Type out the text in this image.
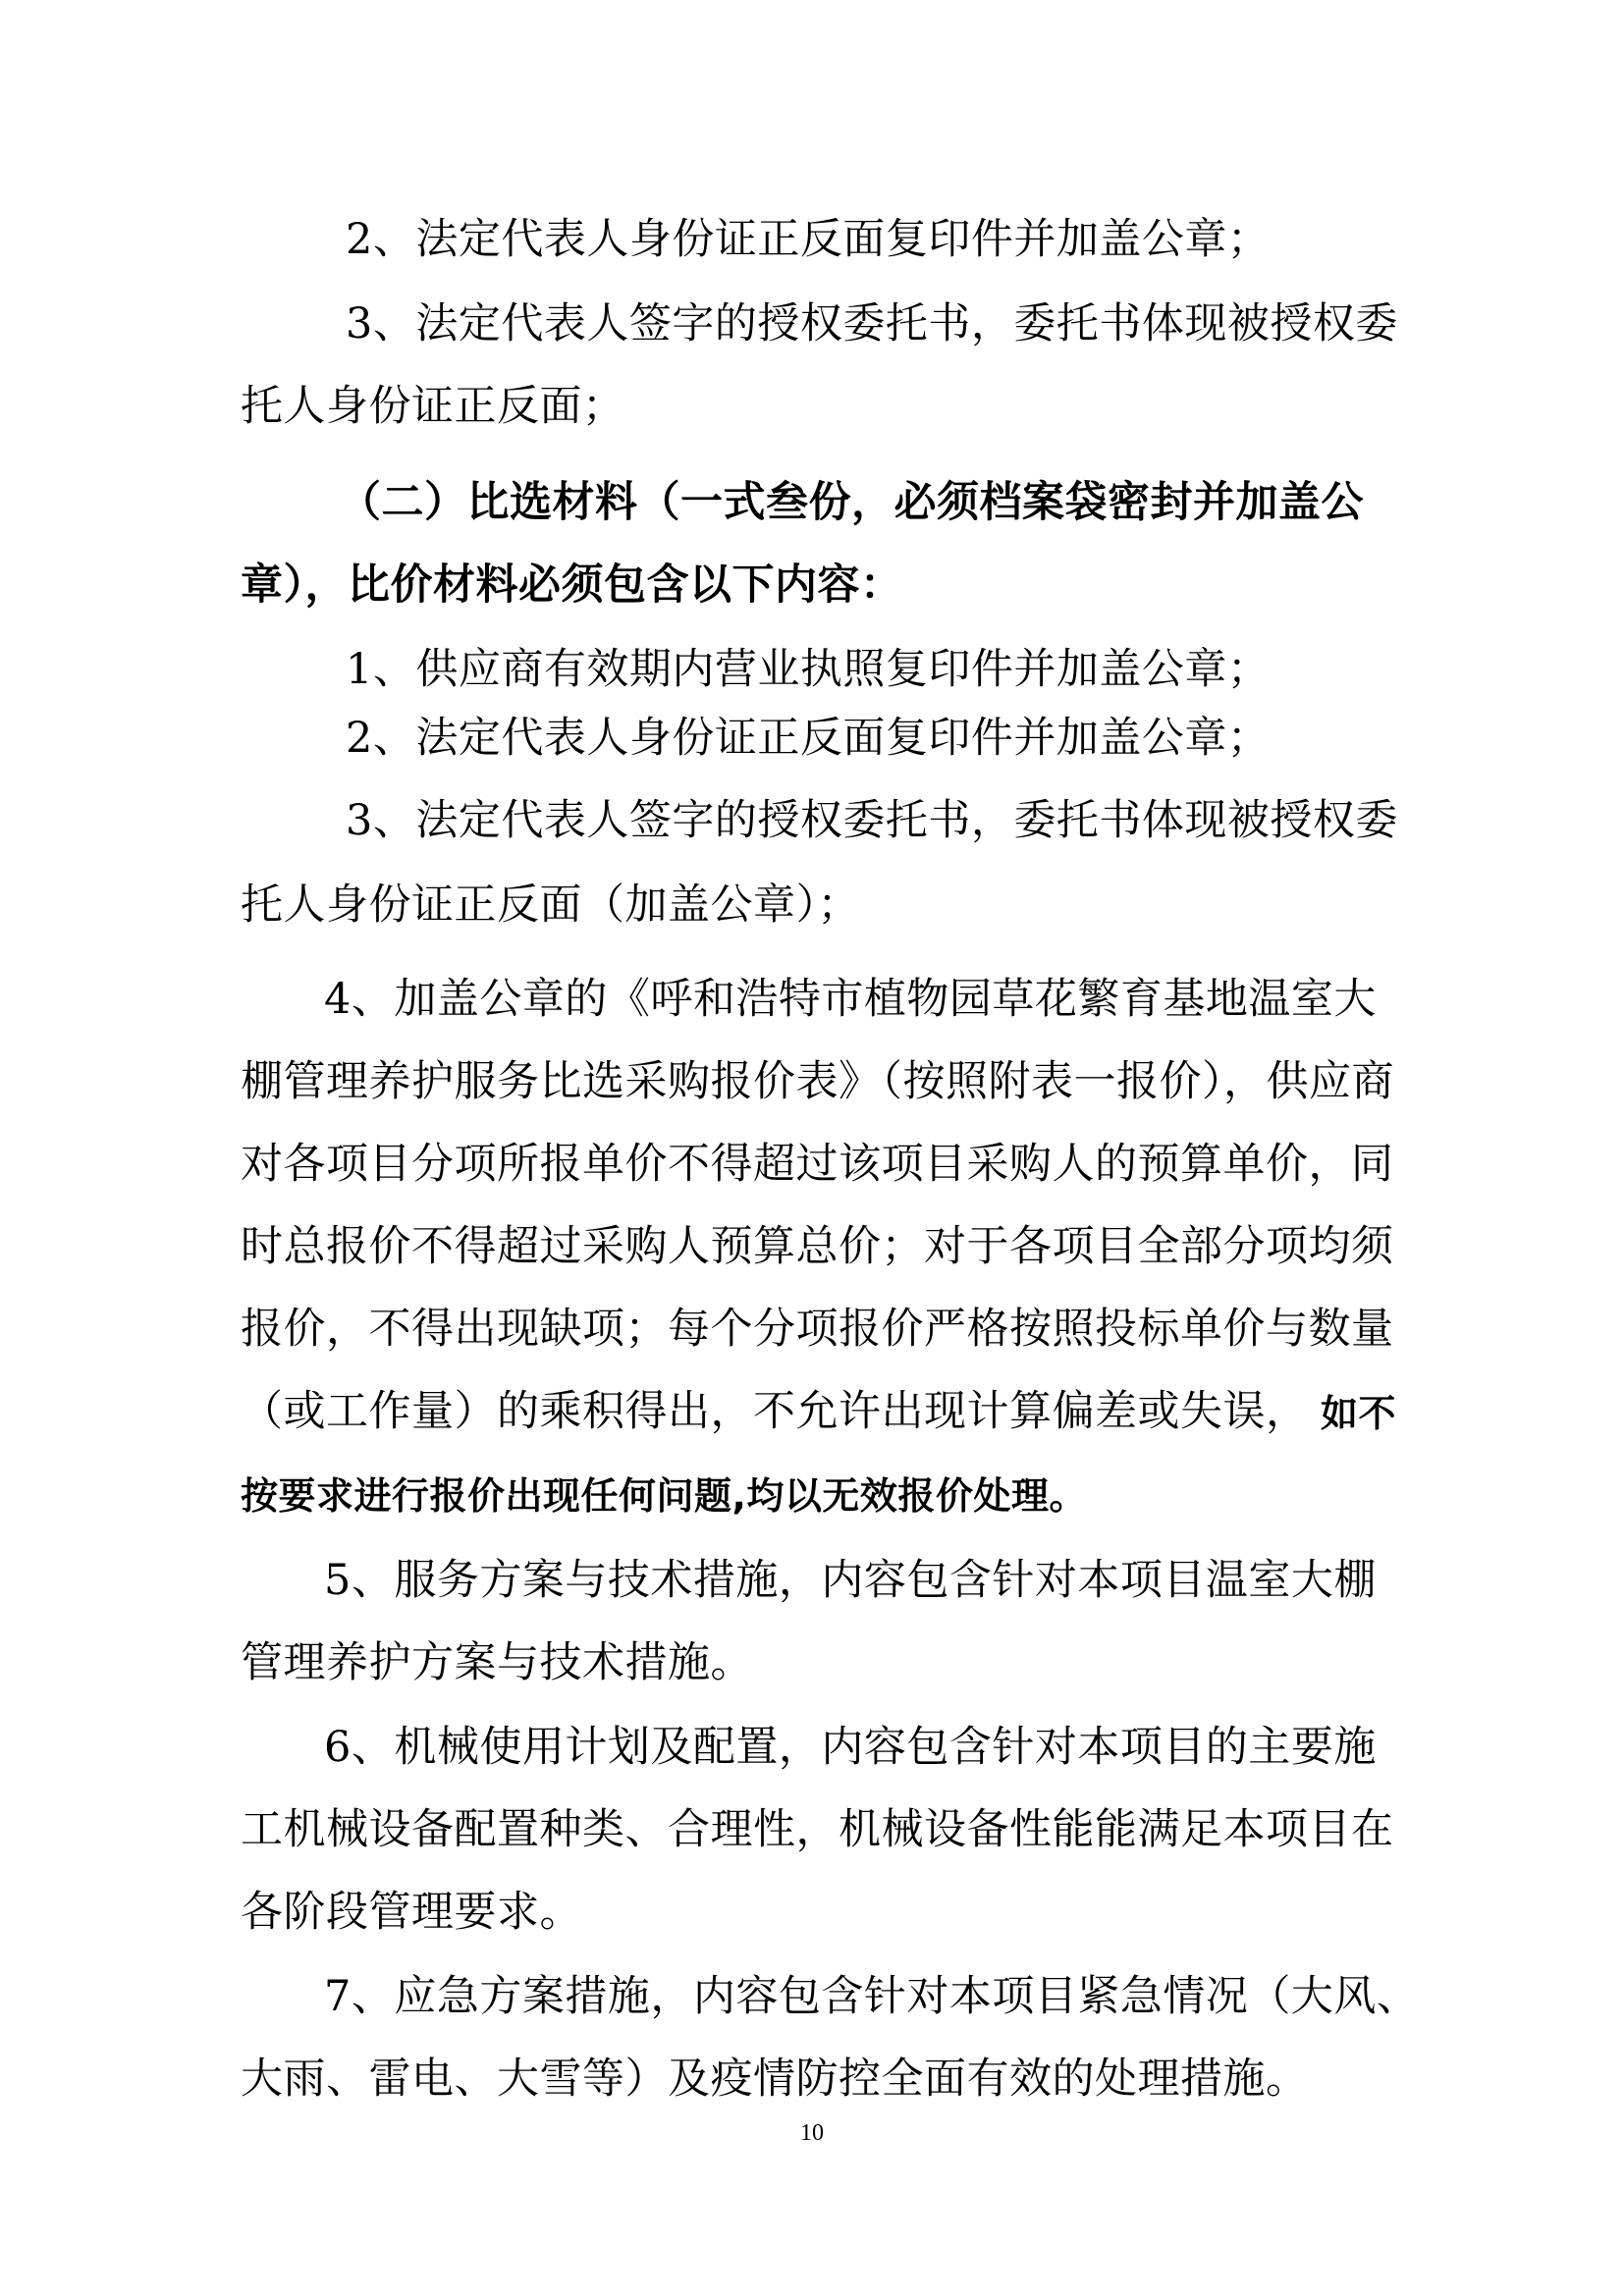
2、法定代表人身份证正反面复印件并加盖公章；

3、法定代表人签字的授权委托书，委托书体现被授权委

托人身份证正反面；

（二）比选材料（一式叁份，必须档案袋密封并加盖公

章），比价材料必须包含以下内容：

1、供应商有效期内营业执照复印件并加盖公章；

2、法定代表人身份证正反面复印件并加盖公章；

3、法定代表人签字的授权委托书，委托书体现被授权委

托人身份证正反面（加盖公章）；

4、加盖公章的《呼和浩特市植物园草花繁育基地温室大

棚管理养护服务比选采购报价表》（按照附表一报价），供应商

对各项目分项所报单价不得超过该项目采购人的预算单价，同

时总报价不得超过采购人预算总价；对于各项目全部分项均须

报价，不得出现缺项；每个分项报价严格按照投标单价与数量

（或工作量）的乘积得出，不允许出现计算偏差或失误， 如不

按要求进行报价出现任何问题,均以无效报价处理。

5、服务方案与技术措施，内容包含针对本项目温室大棚

管理养护方案与技术措施。

6、机械使用计划及配置，内容包含针对本项目的主要施

工机械设备配置种类、合理性，机械设备性能能满足本项目在

各阶段管理要求。

7、应急方案措施，内容包含针对本项目紧急情况（大风、

大雨、雷电、大雪等）及疫情防控全面有效的处理措施。

10
